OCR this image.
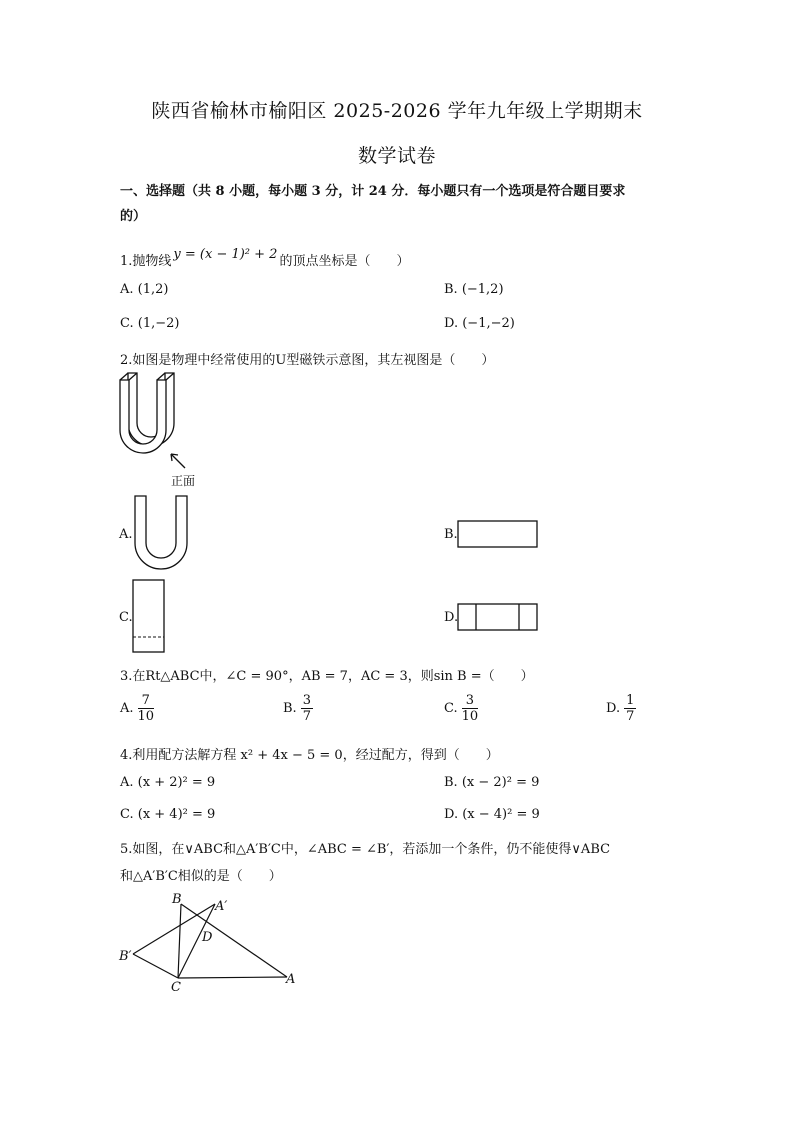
陕西省榆林市榆阳区 2025-2026 学年九年级上学期期末
数学试卷
一、选择题（共 8 小题，每小题 3 分，计 24 分．每小题只有一个选项是符合题目要求
的）
1.抛物线 y = (x − 1)² + 2 的顶点坐标是（　　）
A. (1,2)	B. (−1,2)
C. (1,−2)	D. (−1,−2)
2.如图是物理中经常使用的U型磁铁示意图，其左视图是（　　）
正面
A.	B.
C.	D.
3.在Rt△ABC中，∠C = 90°，AB = 7，AC = 3，则sin B =（　　）
A. $\frac{7}{10}$	B. $\frac{3}{7}$	C. $\frac{3}{10}$	D. $\frac{1}{7}$
4.利用配方法解方程 x² + 4x − 5 = 0，经过配方，得到（　　）
A. (x + 2)² = 9	B. (x − 2)² = 9
C. (x + 4)² = 9	D. (x − 4)² = 9
5.如图，在∨ABC和△A′B′C中，∠ABC = ∠B′，若添加一个条件，仍不能使得∨ABC
和△A′B′C相似的是（　　）
B	A′
D
B′
C
A
